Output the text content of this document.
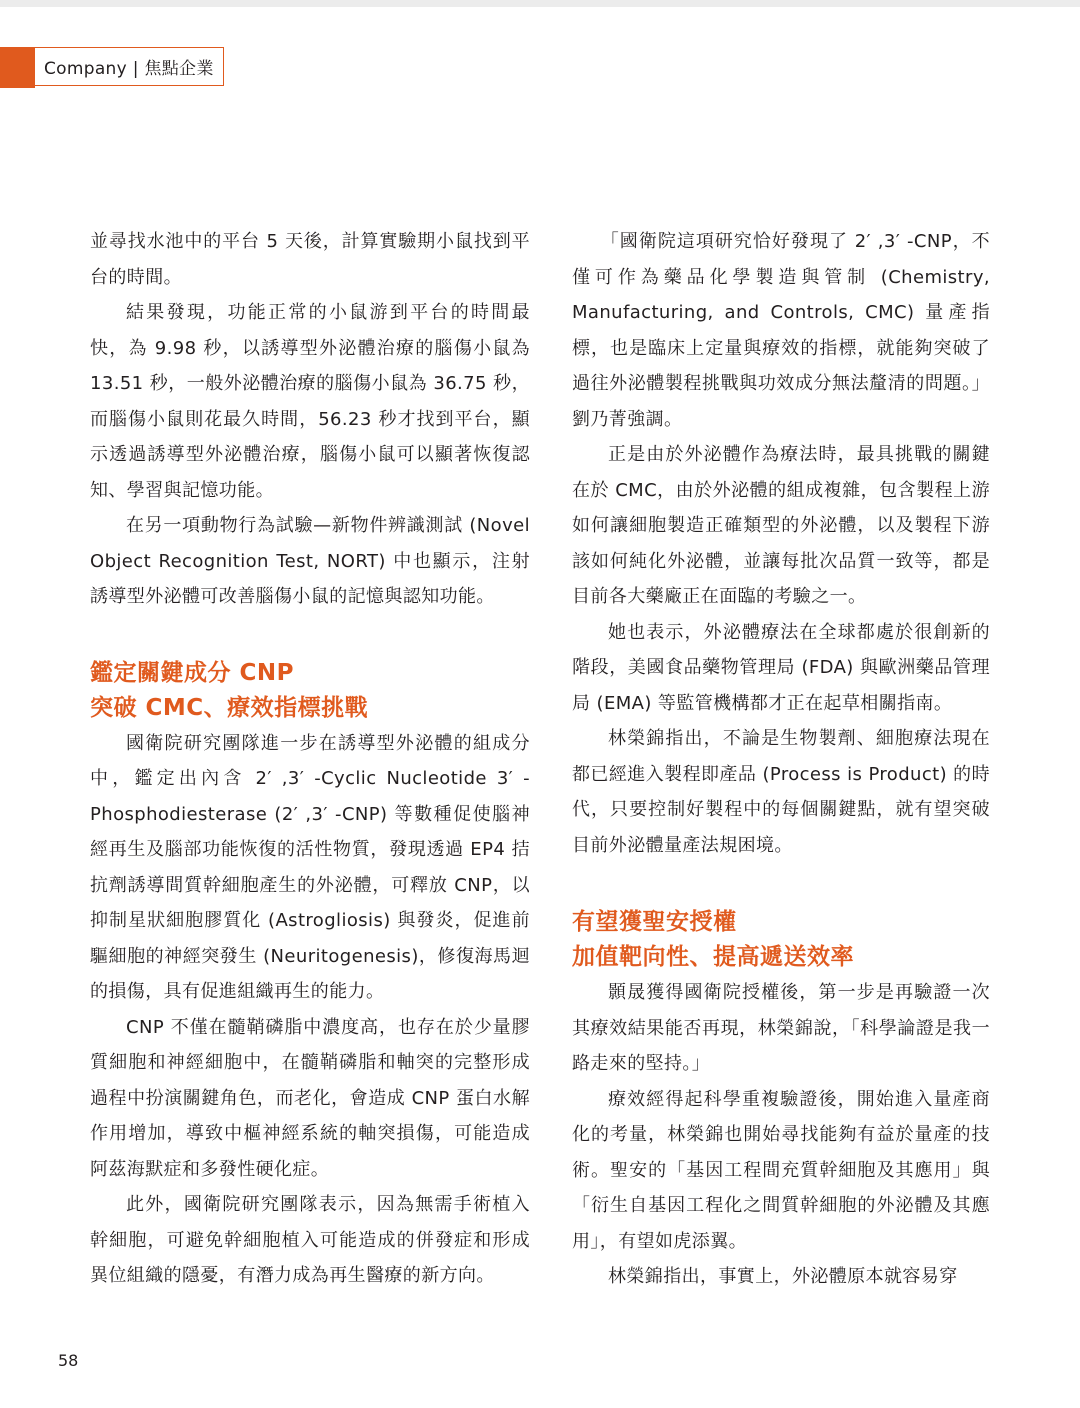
Company | 焦點企業

並尋找水池中的平台 5 天後，計算實驗期小鼠找到平台的時間。

結果發現，功能正常的小鼠游到平台的時間最快，為 9.98 秒，以誘導型外泌體治療的腦傷小鼠為 13.51 秒，一般外泌體治療的腦傷小鼠為 36.75 秒，而腦傷小鼠則花最久時間，56.23 秒才找到平台，顯示透過誘導型外泌體治療，腦傷小鼠可以顯著恢復認知、學習與記憶功能。

在另一項動物行為試驗—新物件辨識測試 (Novel Object Recognition Test, NORT) 中也顯示，注射誘導型外泌體可改善腦傷小鼠的記憶與認知功能。

鑑定關鍵成分 CNP
突破 CMC、療效指標挑戰

國衛院研究團隊進一步在誘導型外泌體的組成分中，鑑定出內含 2′ ,3′ -Cyclic Nucleotide 3′ -Phosphodiesterase (2′ ,3′ -CNP) 等數種促使腦神經再生及腦部功能恢復的活性物質，發現透過 EP4 拮抗劑誘導間質幹細胞產生的外泌體，可釋放 CNP，以抑制星狀細胞膠質化 (Astrogliosis) 與發炎，促進前驅細胞的神經突發生 (Neuritogenesis)，修復海馬迴的損傷，具有促進組織再生的能力。

CNP 不僅在髓鞘磷脂中濃度高，也存在於少量膠質細胞和神經細胞中，在髓鞘磷脂和軸突的完整形成過程中扮演關鍵角色，而老化，會造成 CNP 蛋白水解作用增加，導致中樞神經系統的軸突損傷，可能造成阿茲海默症和多發性硬化症。

此外，國衛院研究團隊表示，因為無需手術植入幹細胞，可避免幹細胞植入可能造成的併發症和形成異位組織的隱憂，有潛力成為再生醫療的新方向。

「國衛院這項研究恰好發現了 2′ ,3′ -CNP，不僅可作為藥品化學製造與管制 (Chemistry, Manufacturing, and Controls, CMC) 量產指標，也是臨床上定量與療效的指標，就能夠突破了過往外泌體製程挑戰與功效成分無法釐清的問題。」劉乃菁強調。

正是由於外泌體作為療法時，最具挑戰的關鍵在於 CMC，由於外泌體的組成複雜，包含製程上游如何讓細胞製造正確類型的外泌體，以及製程下游該如何純化外泌體，並讓每批次品質一致等，都是目前各大藥廠正在面臨的考驗之一。

她也表示，外泌體療法在全球都處於很創新的階段，美國食品藥物管理局 (FDA) 與歐洲藥品管理局 (EMA) 等監管機構都才正在起草相關指南。

林榮錦指出，不論是生物製劑、細胞療法現在都已經進入製程即產品 (Process is Product) 的時代，只要控制好製程中的每個關鍵點，就有望突破目前外泌體量產法規困境。

有望獲聖安授權
加值靶向性、提高遞送效率

顥晟獲得國衛院授權後，第一步是再驗證一次其療效結果能否再現，林榮錦說，「科學論證是我一路走來的堅持。」

療效經得起科學重複驗證後，開始進入量產商化的考量，林榮錦也開始尋找能夠有益於量產的技術。聖安的「基因工程間充質幹細胞及其應用」與「衍生自基因工程化之間質幹細胞的外泌體及其應用」，有望如虎添翼。

林榮錦指出，事實上，外泌體原本就容易穿

58
